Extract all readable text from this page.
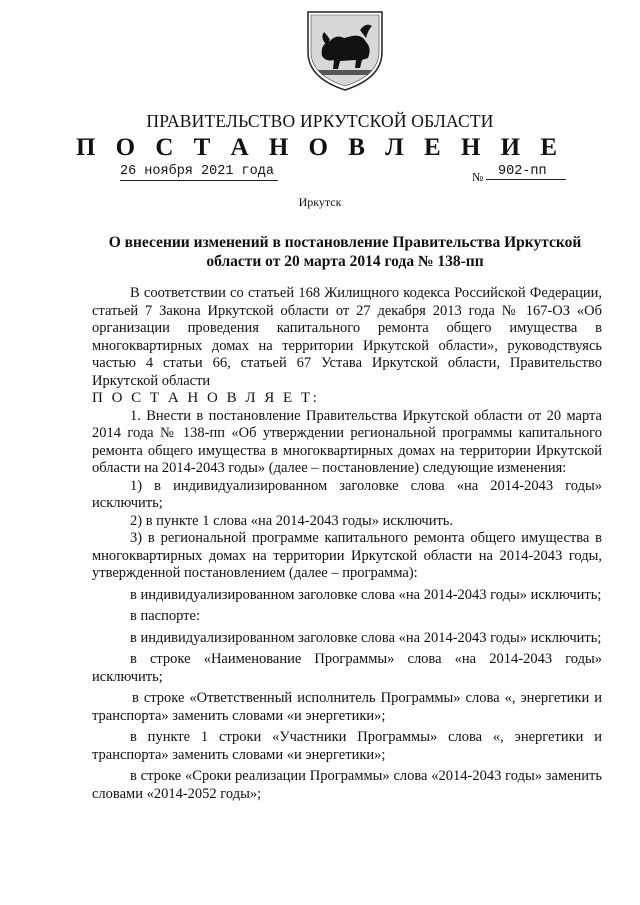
ПРАВИТЕЛЬСТВО ИРКУТСКОЙ ОБЛАСТИ
П О С Т А Н О В Л Е Н И Е
26 ноября 2021 года	№	902-пп
Иркутск
О внесении изменений в постановление Правительства Иркутской области от 20 марта 2014 года № 138-пп

В соответствии со статьей 168 Жилищного кодекса Российской Федерации, статьей 7 Закона Иркутской области от 27 декабря 2013 года № 167-ОЗ «Об организации проведения капитального ремонта общего имущества в многоквартирных домах на территории Иркутской области», руководствуясь частью 4 статьи 66, статьей 67 Устава Иркутской области, Правительство Иркутской области

П О С Т А Н О В Л Я Е Т:

1. Внести в постановление Правительства Иркутской области от 20 марта 2014 года № 138-пп «Об утверждении региональной программы капитального ремонта общего имущества в многоквартирных домах на территории Иркутской области на 2014-2043 годы» (далее – постановление) следующие изменения:

1) в индивидуализированном заголовке слова «на 2014-2043 годы» исключить;

2) в пункте 1 слова «на 2014-2043 годы» исключить.

3) в региональной программе капитального ремонта общего имущества в многоквартирных домах на территории Иркутской области на 2014-2043 годы, утвержденной постановлением (далее – программа):

в индивидуализированном заголовке слова «на 2014-2043 годы» исключить;

в паспорте:

в индивидуализированном заголовке слова «на 2014-2043 годы» исключить;

в строке «Наименование Программы» слова «на 2014-2043 годы» исключить;

в строке «Ответственный исполнитель Программы» слова «, энергетики и транспорта» заменить словами «и энергетики»;

в пункте 1 строки «Участники Программы» слова «, энергетики и транспорта» заменить словами «и энергетики»;

в строке «Сроки реализации Программы» слова «2014-2043 годы» заменить словами «2014-2052 годы»;
